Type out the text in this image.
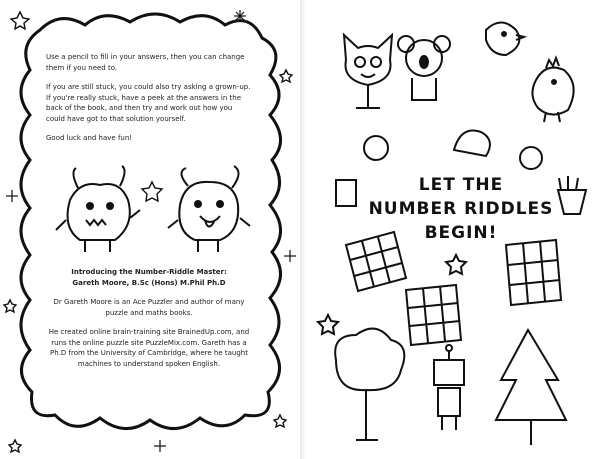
Use a pencil to fill in your answers, then you can change them if you need to.

If you are still stuck, you could also try asking a grown-up. If you're really stuck, have a peek at the answers in the back of the book, and then try and work out how you could have got to that solution yourself.

Good luck and have fun!

Introducing the Number-Riddle Master:
Gareth Moore, B.Sc (Hons) M.Phil Ph.D

Dr Gareth Moore is an Ace Puzzler and author of many puzzle and maths books.

He created online brain-training site BrainedUp.com, and runs the online puzzle site PuzzleMix.com. Gareth has a Ph.D from the University of Cambridge, where he taught machines to understand spoken English.

LET THE
NUMBER RIDDLES
BEGIN!
